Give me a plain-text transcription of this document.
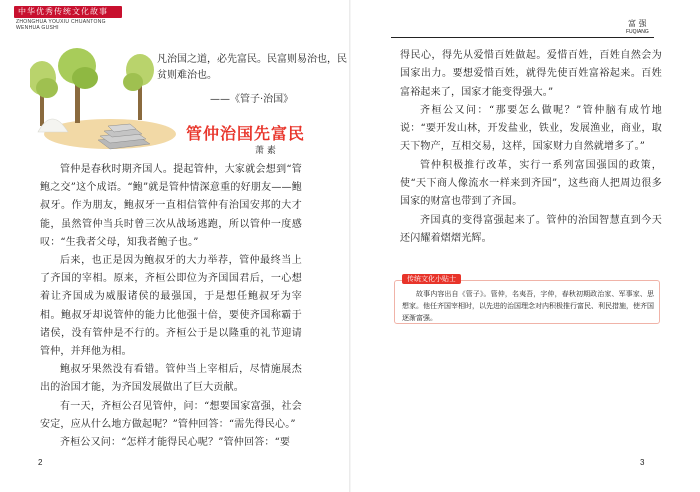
中华优秀传统文化故事
ZHONGHUA YOUXIU CHUANTONG
WENHUA GUSHI
凡治国之道，必先富民。民富则易治也，民贫则难治也。
——《管子·治国》
管仲治国先富民
萧 素

管仲是春秋时期齐国人。提起管仲，大家就会想到“管鲍之交”这个成语。“鲍”就是管仲情深意重的好朋友——鲍叔牙。作为朋友，鲍叔牙一直相信管仲有治国安邦的大才能，虽然管仲当兵时曾三次从战场逃跑，所以管仲一度感叹：“生我者父母，知我者鲍子也。”

后来，也正是因为鲍叔牙的大力举荐，管仲最终当上了齐国的宰相。原来，齐桓公即位为齐国国君后，一心想着让齐国成为威服诸侯的最强国，于是想任鲍叔牙为宰相。鲍叔牙却说管仲的能力比他强十倍，要使齐国称霸于诸侯，没有管仲是不行的。齐桓公于是以隆重的礼节迎请管仲，并拜他为相。

鲍叔牙果然没有看错。管仲当上宰相后，尽情施展杰出的治国才能，为齐国发展做出了巨大贡献。

有一天，齐桓公召见管仲，问：“想要国家富强，社会安定，应从什么地方做起呢？”管仲回答：“需先得民心。”

齐桓公又问：“怎样才能得民心呢？”管仲回答：“要

2
富 强
FUQIANG

得民心，得先从爱惜百姓做起。爱惜百姓，百姓自然会为国家出力。要想爱惜百姓，就得先使百姓富裕起来。百姓富裕起来了，国家才能变得强大。”

齐桓公又问：“那要怎么做呢？”管仲脑有成竹地说：“要开发山林，开发盐业，铁业，发展渔业，商业，取天下物产，互相交易，这样，国家财力自然就增多了。”

管仲积极推行改革，实行一系列富国强国的政策，使“天下商人像流水一样来到齐国”，这些商人把周边很多国家的财富也带到了齐国。

齐国真的变得富强起来了。管仲的治国智慧直到今天还闪耀着熠熠光辉。

传统文化小贴士
故事内容出自《管子》。管仲，名夷吾，字仲，春秋初期政治家、军事家、思想家。他任齐国宰相时，以先进的治国理念对内积极推行富民、利民措施，使齐国逐渐富强。
3
